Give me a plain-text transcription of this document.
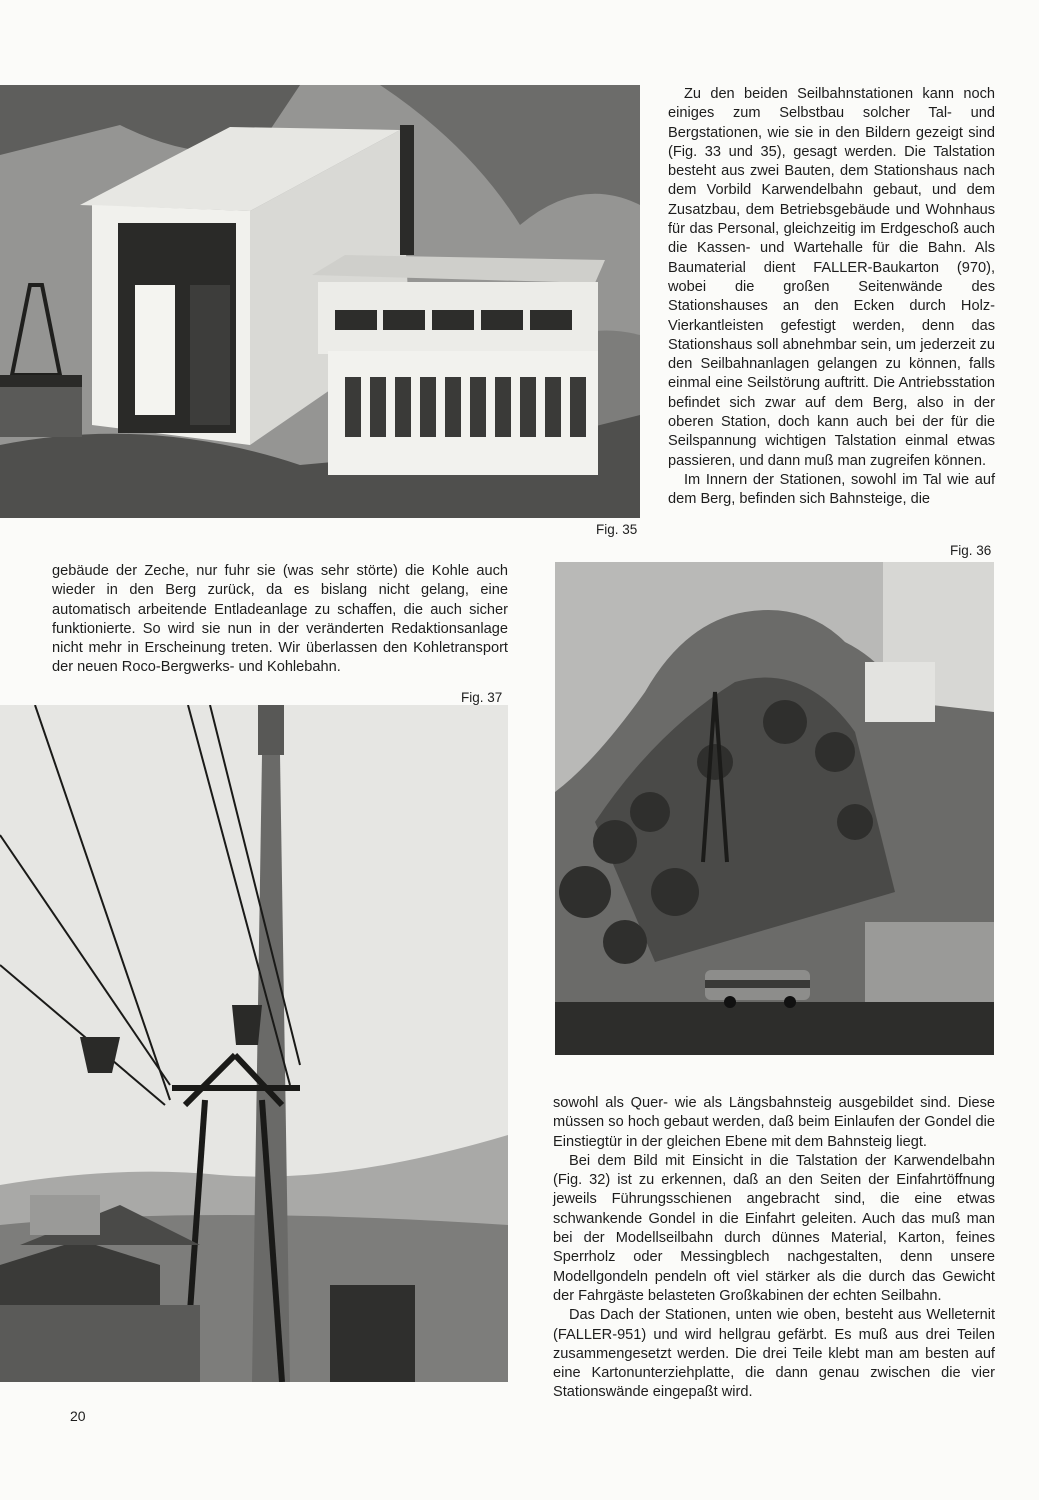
Fig. 35

Zu den beiden Seilbahnstationen kann noch einiges zum Selbstbau solcher Tal- und Bergstationen, wie sie in den Bildern gezeigt sind (Fig. 33 und 35), gesagt werden. Die Talstation besteht aus zwei Bauten, dem Stationshaus nach dem Vorbild Karwendelbahn gebaut, und dem Zusatzbau, dem Betriebsgebäude und Wohnhaus für das Personal, gleichzeitig im Erdgeschoß auch die Kassen- und Wartehalle für die Bahn. Als Baumaterial dient FALLER-Baukarton (970), wobei die großen Seitenwände des Stationshauses an den Ecken durch Holz-Vierkantleisten gefestigt werden, denn das Stationshaus soll abnehmbar sein, um jederzeit zu den Seilbahnanlagen gelangen zu können, falls einmal eine Seilstörung auftritt. Die Antriebsstation befindet sich zwar auf dem Berg, also in der oberen Station, doch kann auch bei der für die Seilspannung wichtigen Talstation einmal etwas passieren, und dann muß man zugreifen können.

Im Innern der Stationen, sowohl im Tal wie auf dem Berg, befinden sich Bahnsteige, die

Fig. 36

gebäude der Zeche, nur fuhr sie (was sehr störte) die Kohle auch wieder in den Berg zurück, da es bislang nicht gelang, eine automatisch arbeitende Entladeanlage zu schaffen, die auch sicher funktionierte. So wird sie nun in der veränderten Redaktionsanlage nicht mehr in Erscheinung treten. Wir überlassen den Kohletransport der neuen Roco-Bergwerks- und Kohlebahn.

Fig. 37

sowohl als Quer- wie als Längsbahnsteig ausgebildet sind. Diese müssen so hoch gebaut werden, daß beim Einlaufen der Gondel die Einstiegtür in der gleichen Ebene mit dem Bahnsteig liegt.

Bei dem Bild mit Einsicht in die Talstation der Karwendelbahn (Fig. 32) ist zu erkennen, daß an den Seiten der Einfahrtöffnung jeweils Führungsschienen angebracht sind, die eine etwas schwankende Gondel in die Einfahrt geleiten. Auch das muß man bei der Modellseilbahn durch dünnes Material, Karton, feines Sperrholz oder Messingblech nachgestalten, denn unsere Modellgondeln pendeln oft viel stärker als die durch das Gewicht der Fahrgäste belasteten Großkabinen der echten Seilbahn.

Das Dach der Stationen, unten wie oben, besteht aus Welleternit (FALLER-951) und wird hellgrau gefärbt. Es muß aus drei Teilen zusammengesetzt werden. Die drei Teile klebt man am besten auf eine Kartonunterziehplatte, die dann genau zwischen die vier Stationswände eingepaßt wird.

20
